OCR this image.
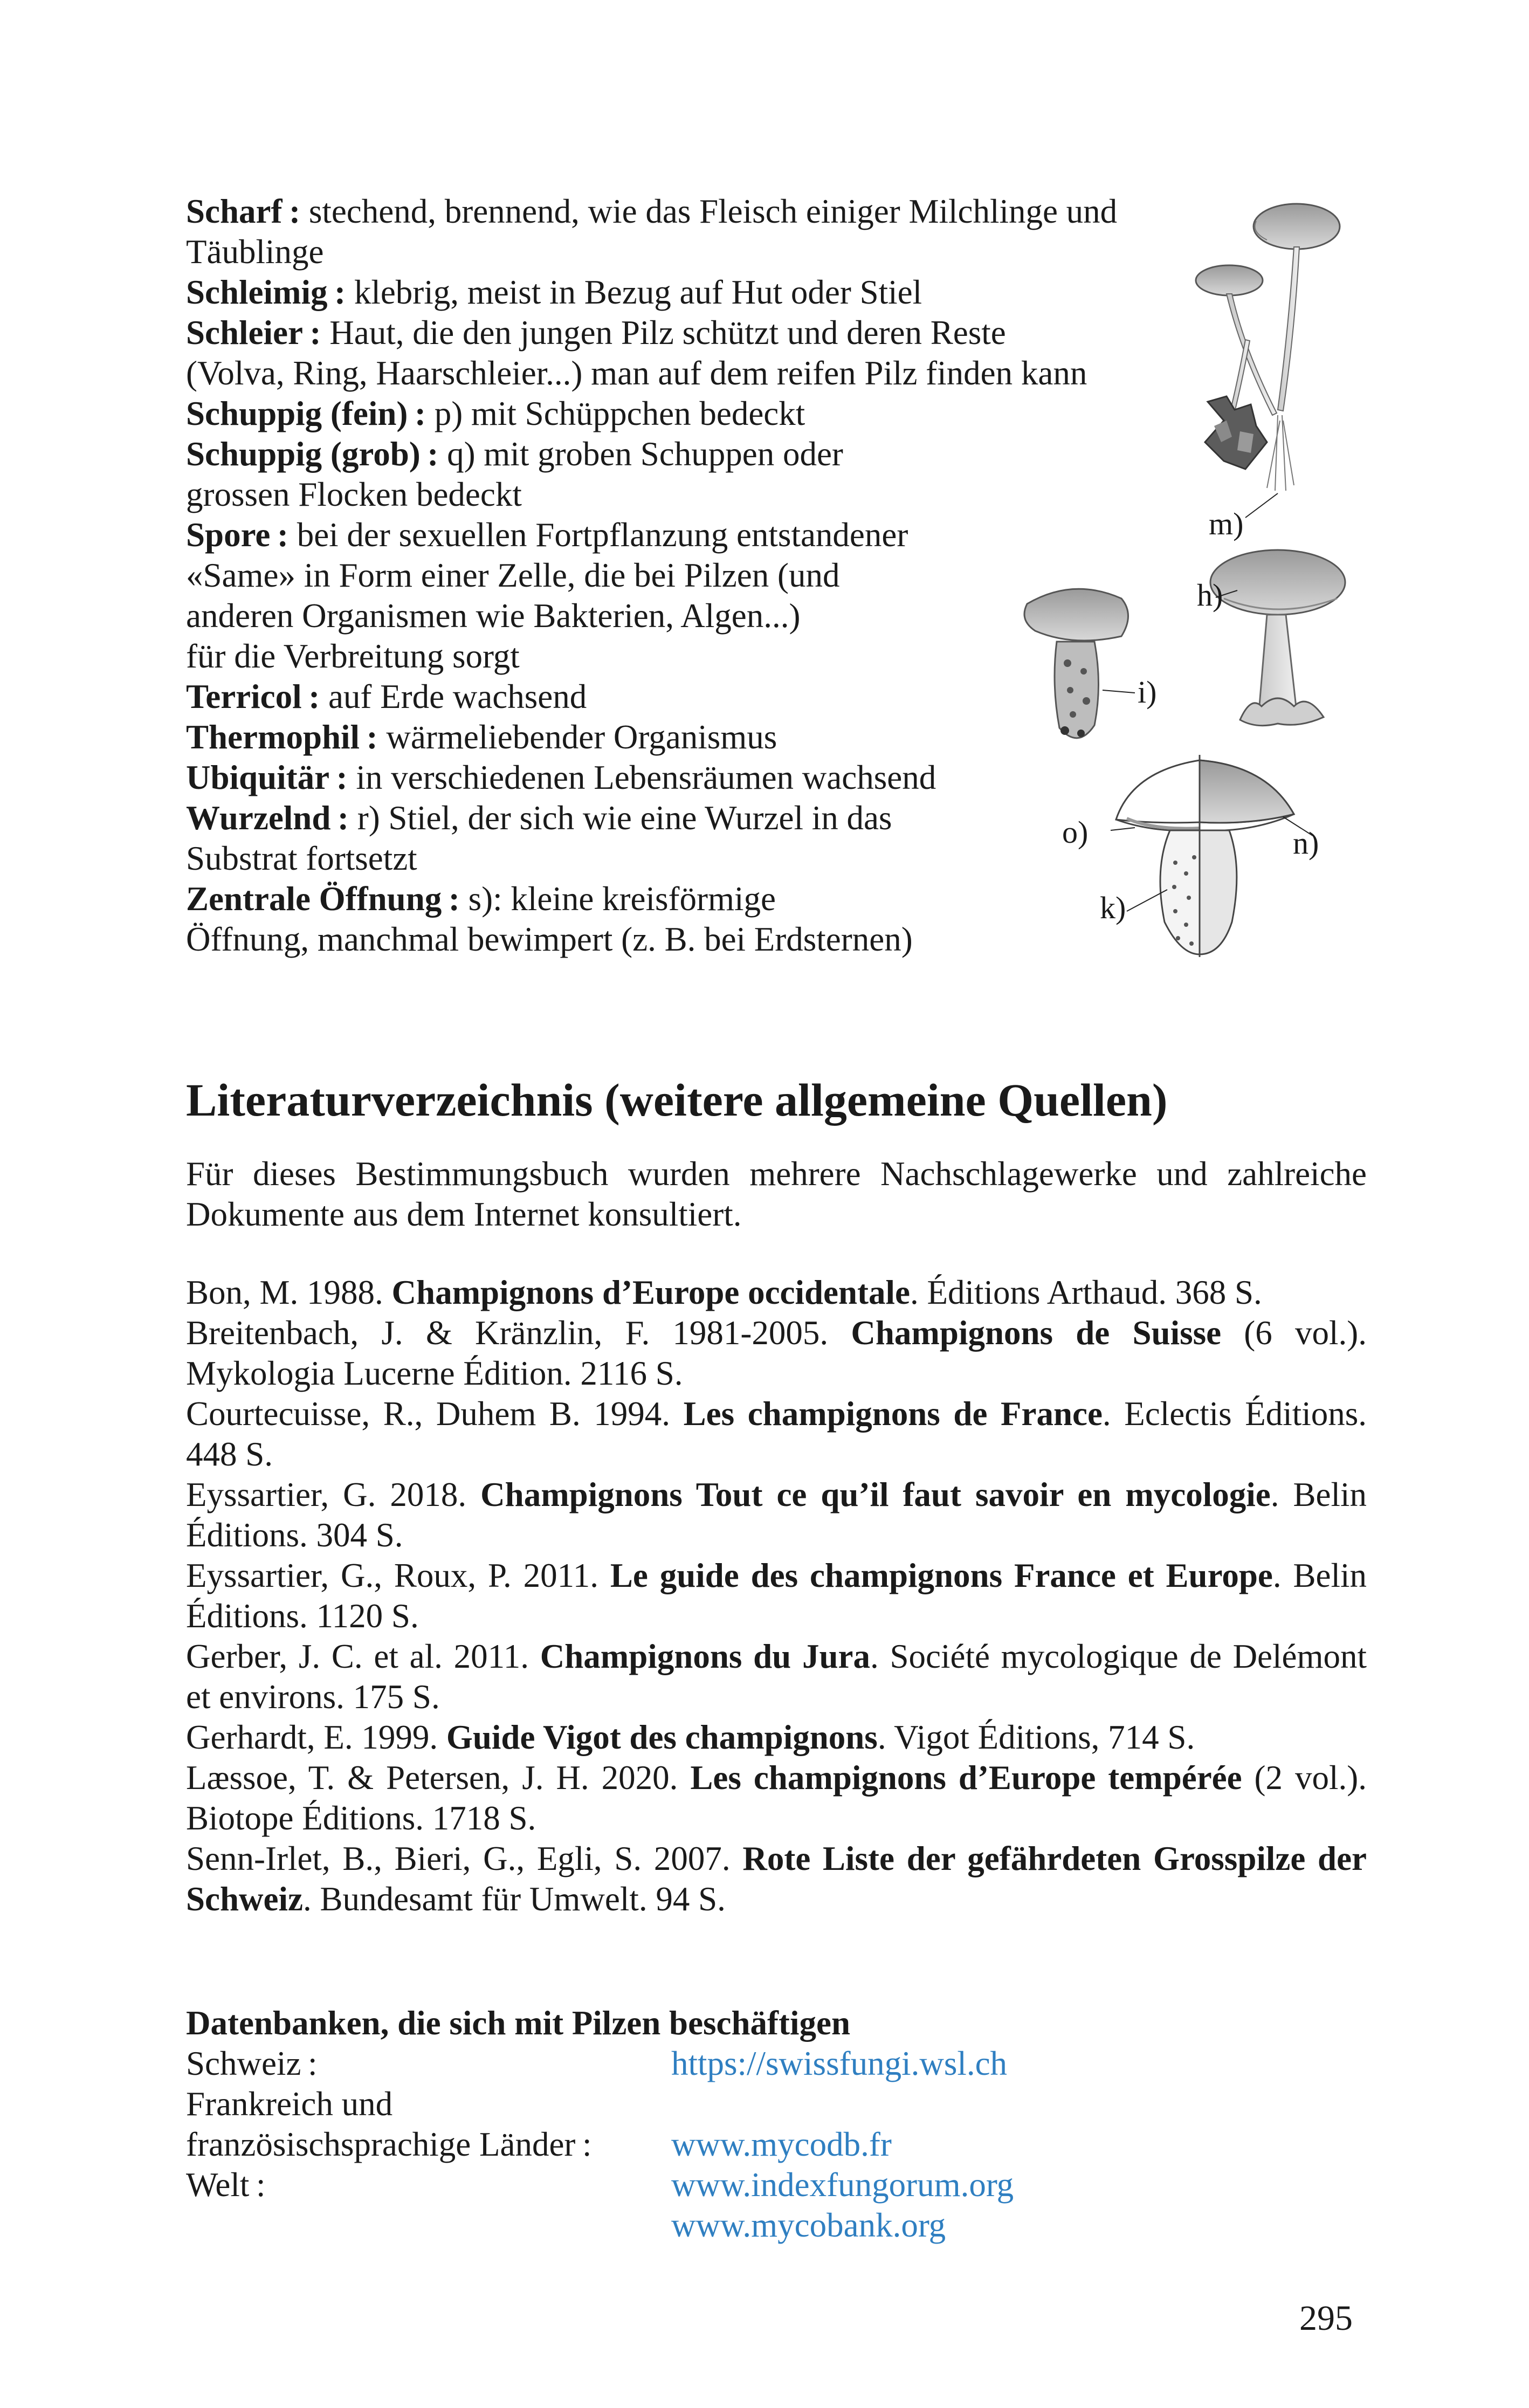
Scharf : stechend, brennend, wie das Fleisch einiger Milchlinge und
Täublinge
Schleimig : klebrig, meist in Bezug auf Hut oder Stiel
Schleier : Haut, die den jungen Pilz schützt und deren Reste
(Volva, Ring, Haarschleier...) man auf dem reifen Pilz finden kann
Schuppig (fein) : p) mit Schüppchen bedeckt
Schuppig (grob) : q) mit groben Schuppen oder
grossen Flocken bedeckt
Spore : bei der sexuellen Fortpflanzung entstandener
«Same» in Form einer Zelle, die bei Pilzen (und
anderen Organismen wie Bakterien, Algen...)
für die Verbreitung sorgt
Terricol : auf Erde wachsend
Thermophil : wärmeliebender Organismus
Ubiquitär : in verschiedenen Lebensräumen wachsend
Wurzelnd : r) Stiel, der sich wie eine Wurzel in das
Substrat fortsetzt
Zentrale Öffnung : s): kleine kreisförmige
Öffnung, manchmal bewimpert (z. B. bei Erdsternen)
m)
h)
i)
o)	n)
k)
Literaturverzeichnis (weitere allgemeine Quellen)
Für dieses Bestimmungsbuch wurden mehrere Nachschlagewerke und zahlreiche Dokumente aus dem Internet konsultiert.
Bon, M. 1988. Champignons d’Europe occidentale. Éditions Arthaud. 368 S.
Breitenbach, J. & Kränzlin, F. 1981-2005. Champignons de Suisse (6 vol.). Mykologia Lucerne Édition. 2116 S.
Courtecuisse, R., Duhem B. 1994. Les champignons de France. Eclectis Éditions. 448 S.
Eyssartier, G. 2018. Champignons Tout ce qu’il faut savoir en mycologie. Belin Éditions. 304 S.
Eyssartier, G., Roux, P. 2011. Le guide des champignons France et Europe. Belin Éditions. 1120 S.
Gerber, J. C. et al. 2011. Champignons du Jura. Société mycologique de Delémont et environs. 175 S.
Gerhardt, E. 1999. Guide Vigot des champignons. Vigot Éditions, 714 S.
Læssoe, T. & Petersen, J. H. 2020. Les champignons d’Europe tempérée (2 vol.). Biotope Éditions. 1718 S.
Senn-Irlet, B., Bieri, G., Egli, S. 2007. Rote Liste der gefährdeten Grosspilze der Schweiz. Bundesamt für Umwelt. 94 S.
Datenbanken, die sich mit Pilzen beschäftigen
Schweiz :	https://swissfungi.wsl.ch
Frankreich und
französischsprachige Länder : www.mycodb.fr
Welt :	www.indexfungorum.org
www.mycobank.org
295
